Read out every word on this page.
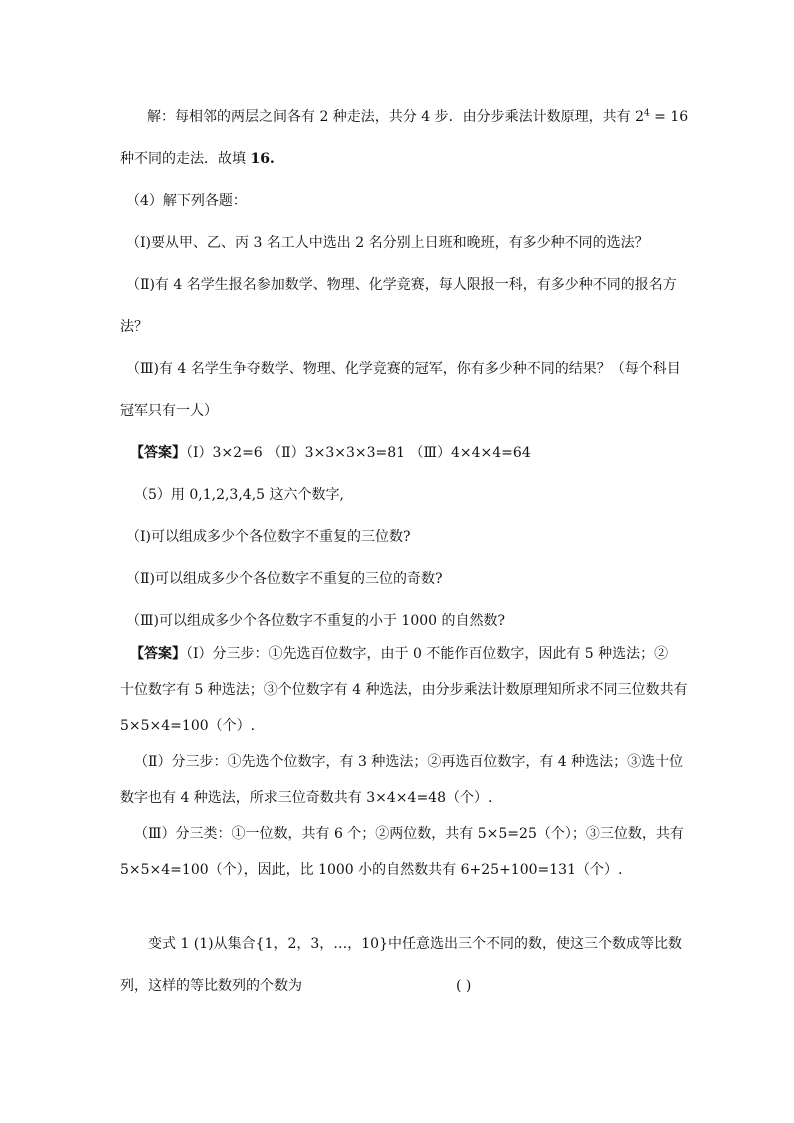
解：每相邻的两层之间各有 2 种走法，共分 4 步．由分步乘法计数原理，共有 $2^4 = 16$
种不同的走法．故填 16.
（4）解下列各题：
（Ⅰ)要从甲、乙、丙 3 名工人中选出 2 名分别上日班和晚班，有多少种不同的选法？
（Ⅱ)有 4 名学生报名参加数学、物理、化学竞赛，每人限报一科，有多少种不同的报名方
法？
（Ⅲ)有 4 名学生争夺数学、物理、化学竞赛的冠军，你有多少种不同的结果？（每个科目
冠军只有一人）
【答案】（Ⅰ）3×2=6 （Ⅱ）3×3×3×3=81 （Ⅲ）4×4×4=64
（5）用 0,1,2,3,4,5 这六个数字,
（Ⅰ)可以组成多少个各位数字不重复的三位数?
（Ⅱ)可以组成多少个各位数字不重复的三位的奇数?
（Ⅲ)可以组成多少个各位数字不重复的小于 1000 的自然数?
【答案】（Ⅰ）分三步：①先选百位数字，由于 0 不能作百位数字，因此有 5 种选法；②
十位数字有 5 种选法；③个位数字有 4 种选法，由分步乘法计数原理知所求不同三位数共有
5×5×4=100（个）.
（Ⅱ）分三步：①先选个位数字，有 3 种选法；②再选百位数字，有 4 种选法；③选十位
数字也有 4 种选法，所求三位奇数共有 3×4×4=48（个）.
（Ⅲ）分三类：①一位数，共有 6 个；②两位数，共有 5×5=25（个）；③三位数，共有
5×5×4=100（个），因此，比 1000 小的自然数共有 6+25+100=131（个）.
变式 1 (1)从集合{1，2，3，…，10}中任意选出三个不同的数，使这三个数成等比数
列，这样的等比数列的个数为	( )
